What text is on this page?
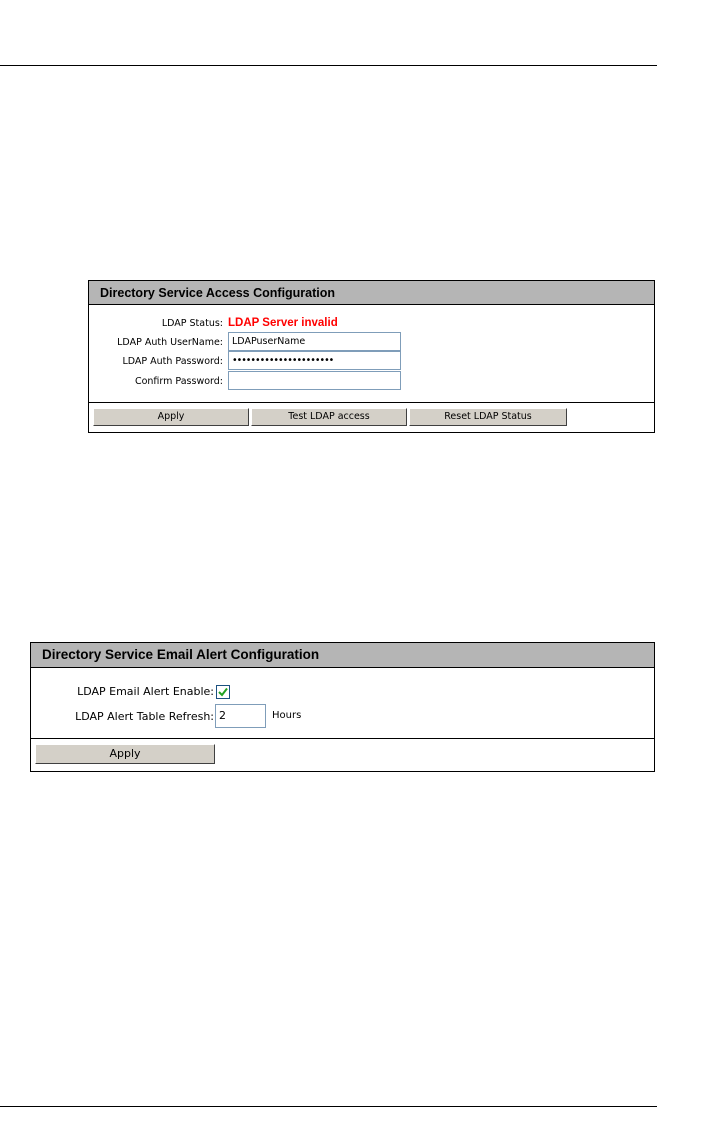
Directory Service Access Configuration
LDAP Status: LDAP Server invalid
LDAP Auth UserName: LDAPuserName
LDAP Auth Password: ••••••••••••••••••••••
Confirm Password:
Apply	Test LDAP access	Reset LDAP Status
Directory Service Email Alert Configuration
LDAP Email Alert Enable:
LDAP Alert Table Refresh: 2	Hours
Apply
